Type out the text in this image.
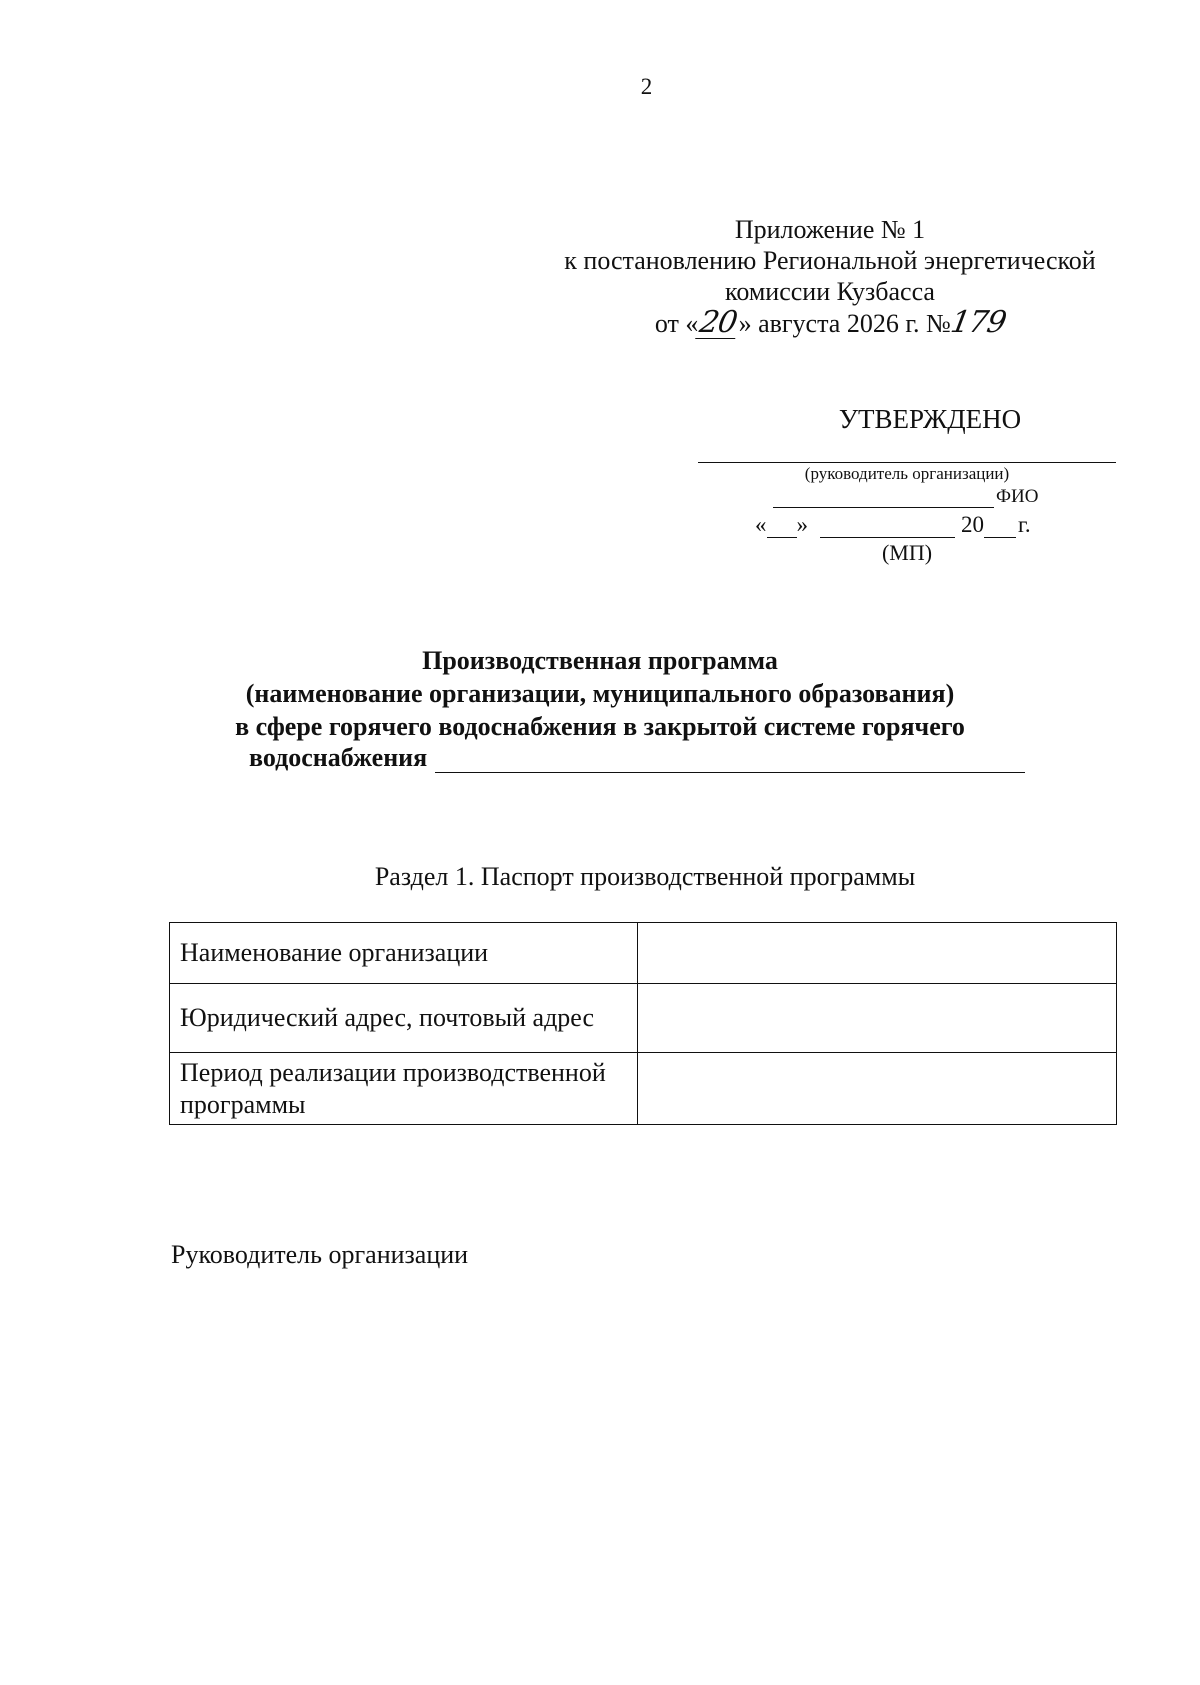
2
Приложение № 1
к постановлению Региональной энергетической
комиссии Кузбасса
от «20» августа 2026 г. №179
УТВЕРЖДЕНО
(руководитель организации)
ФИО
« »	20 г.
(МП)
Производственная программа
(наименование организации, муниципального образования)
в сфере горячего водоснабжения в закрытой системе горячего
водоснабжения
Раздел 1. Паспорт производственной программы
Наименование организации	
Юридический адрес, почтовый адрес	
Период реализации производственной программы	
Руководитель организации
